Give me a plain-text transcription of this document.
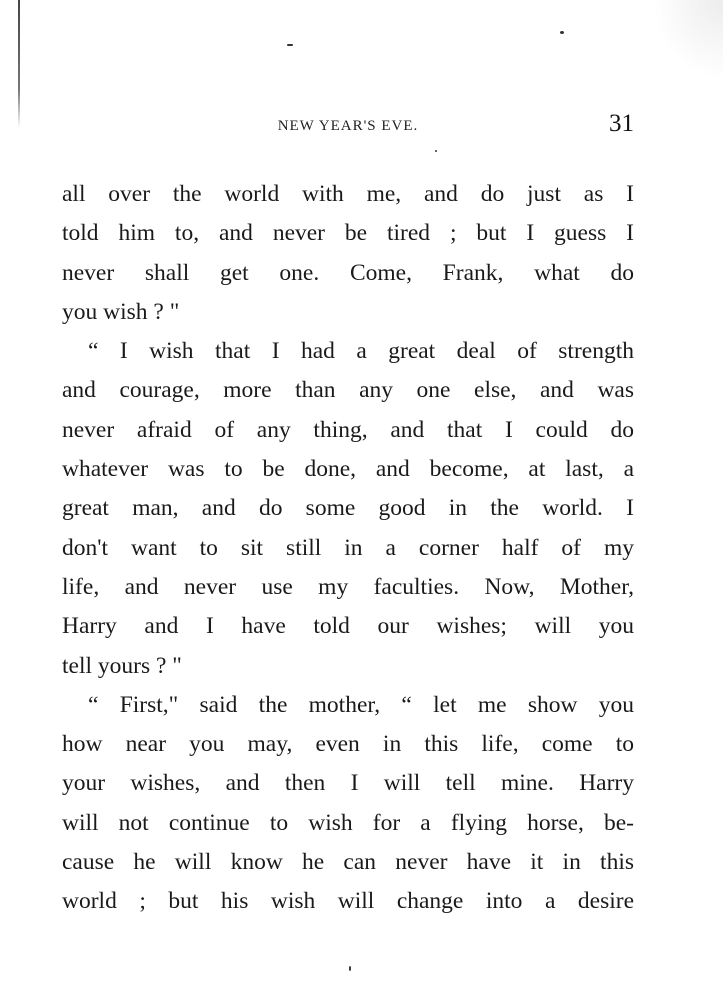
NEW YEAR'S EVE.	31
all over the world with me, and do just as I
told him to, and never be tired ; but I guess I
never shall get one. Come, Frank, what do
you wish ? "
“ I wish that I had a great deal of strength
and courage, more than any one else, and was
never afraid of any thing, and that I could do
whatever was to be done, and become, at last, a
great man, and do some good in the world. I
don't want to sit still in a corner half of my
life, and never use my faculties. Now, Mother,
Harry and I have told our wishes; will you
tell yours ? "
“ First," said the mother, “ let me show you
how near you may, even in this life, come to
your wishes, and then I will tell mine. Harry
will not continue to wish for a flying horse, be-
cause he will know he can never have it in this
world ; but his wish will change into a desire
